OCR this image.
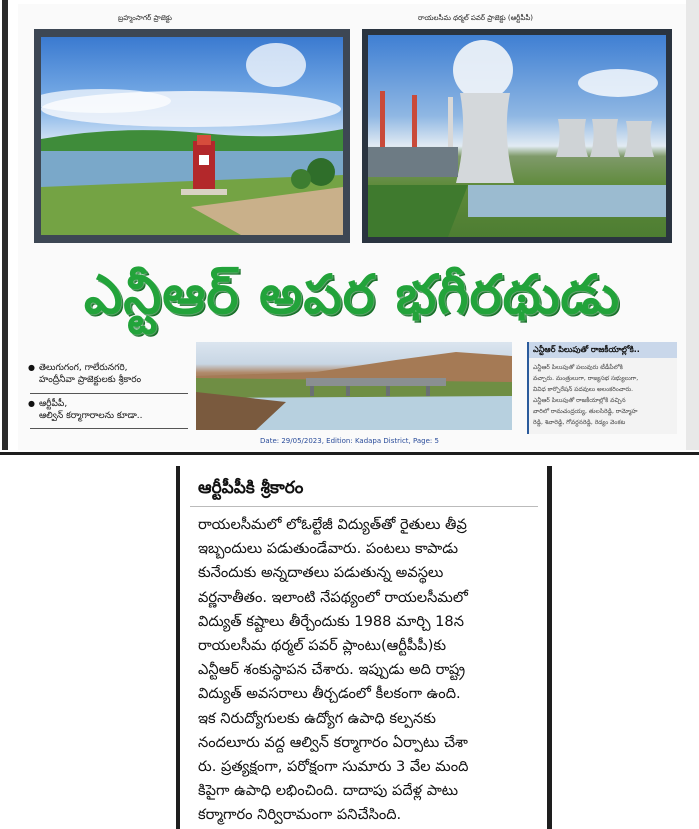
బ్రహ్మంసాగర్ ప్రాజెక్టు	రాయలసీమ థర్మల్ పవర్ ప్రాజెక్టు (ఆర్టీపీపీ)
ఎన్టీఆర్ అపర భగీరథుడు
● తెలుగుగంగ, గాలేరునగరి,
హంద్రీనీవా ప్రాజెక్టులకు శ్రీకారం
● ఆర్టీపీపీ,
ఆల్విన్ కర్మాగారాలను కూడా..
ఎన్టీఆర్ పిలుపుతో రాజకీయాల్లోకి..
ఎన్టీఆర్ పిలుపుతో పలువురు టీడీపీలోకి
వచ్చారు. మంత్రులుగా, రాజ్యసభ సభ్యులుగా,
వివిధ కార్పొరేషన్ పదవులు అలంకరించారు.
ఎన్టీఆర్ పిలుపుతో రాజకీయాల్లోకి వచ్చిన
వారిలో రామచంద్రయ్య, తులసిరెడ్డి, రామ్మోహ
రెడ్డి, శివారెడ్డి, గోవర్ధనరెడ్డి, రెడ్యం వెంకట
Date: 29/05/2023, Edition: Kadapa District, Page: 5
ఆర్టీపీపీకి శ్రీకారం
రాయలసీమలో లోఓల్టేజీ విద్యుత్‌తో రైతులు తీవ్ర
ఇబ్బందులు పడుతుండేవారు. పంటలు కాపాడు
కునేందుకు అన్నదాతలు పడుతున్న అవస్థలు
వర్ణనాతీతం. ఇలాంటి నేపథ్యంలో రాయలసీమలో
విద్యుత్ కష్టాలు తీర్చేందుకు 1988 మార్చి 18న
రాయలసీమ థర్మల్ పవర్ ప్లాంటు(ఆర్టీపీపీ)కు
ఎన్టీఆర్ శంకుస్థాపన చేశారు. ఇప్పుడు అది రాష్ట్ర
విద్యుత్ అవసరాలు తీర్చడంలో కీలకంగా ఉంది.
ఇక నిరుద్యోగులకు ఉద్యోగ ఉపాధి కల్పనకు
నందలూరు వద్ద ఆల్విన్ కర్మాగారం ఏర్పాటు చేశా
రు. ప్రత్యక్షంగా, పరోక్షంగా సుమారు 3 వేల మంది
కిపైగా ఉపాధి లభించింది. దాదాపు పదేళ్ల పాటు
కర్మాగారం నిర్విరామంగా పనిచేసింది.
